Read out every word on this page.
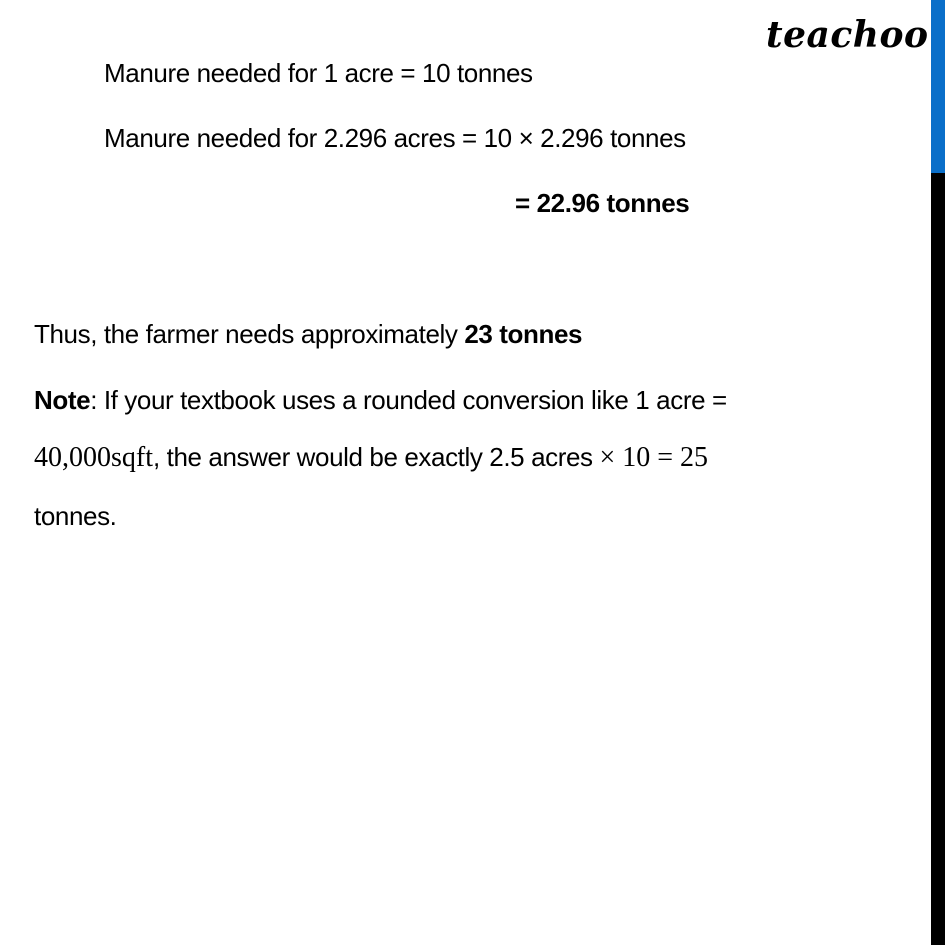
teachoo
Manure needed for 1 acre = 10 tonnes
Manure needed for 2.296 acres = 10 × 2.296 tonnes
= 22.96 tonnes
Thus, the farmer needs approximately 23 tonnes
Note: If your textbook uses a rounded conversion like 1 acre =
40,000sqft, the answer would be exactly 2.5 acres × 10 = 25
tonnes.
